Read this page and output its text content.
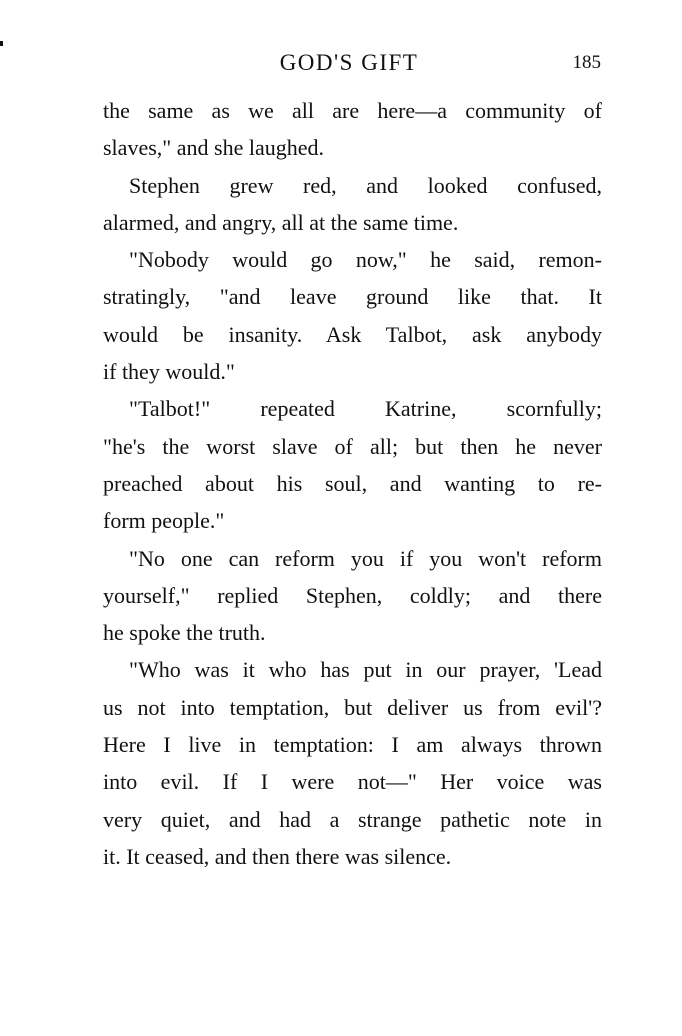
GOD'S GIFT	185

the same as we all are here—a community of
slaves," and she laughed.

Stephen grew red, and looked confused,
alarmed, and angry, all at the same time.

"Nobody would go now," he said, remon-
stratingly, "and leave ground like that. It
would be insanity. Ask Talbot, ask anybody
if they would."

"Talbot!" repeated Katrine, scornfully;
"he's the worst slave of all; but then he never
preached about his soul, and wanting to re-
form people."

"No one can reform you if you won't reform
yourself," replied Stephen, coldly; and there
he spoke the truth.

"Who was it who has put in our prayer, 'Lead
us not into temptation, but deliver us from evil'?
Here I live in temptation: I am always thrown
into evil. If I were not—" Her voice was
very quiet, and had a strange pathetic note in
it. It ceased, and then there was silence.
